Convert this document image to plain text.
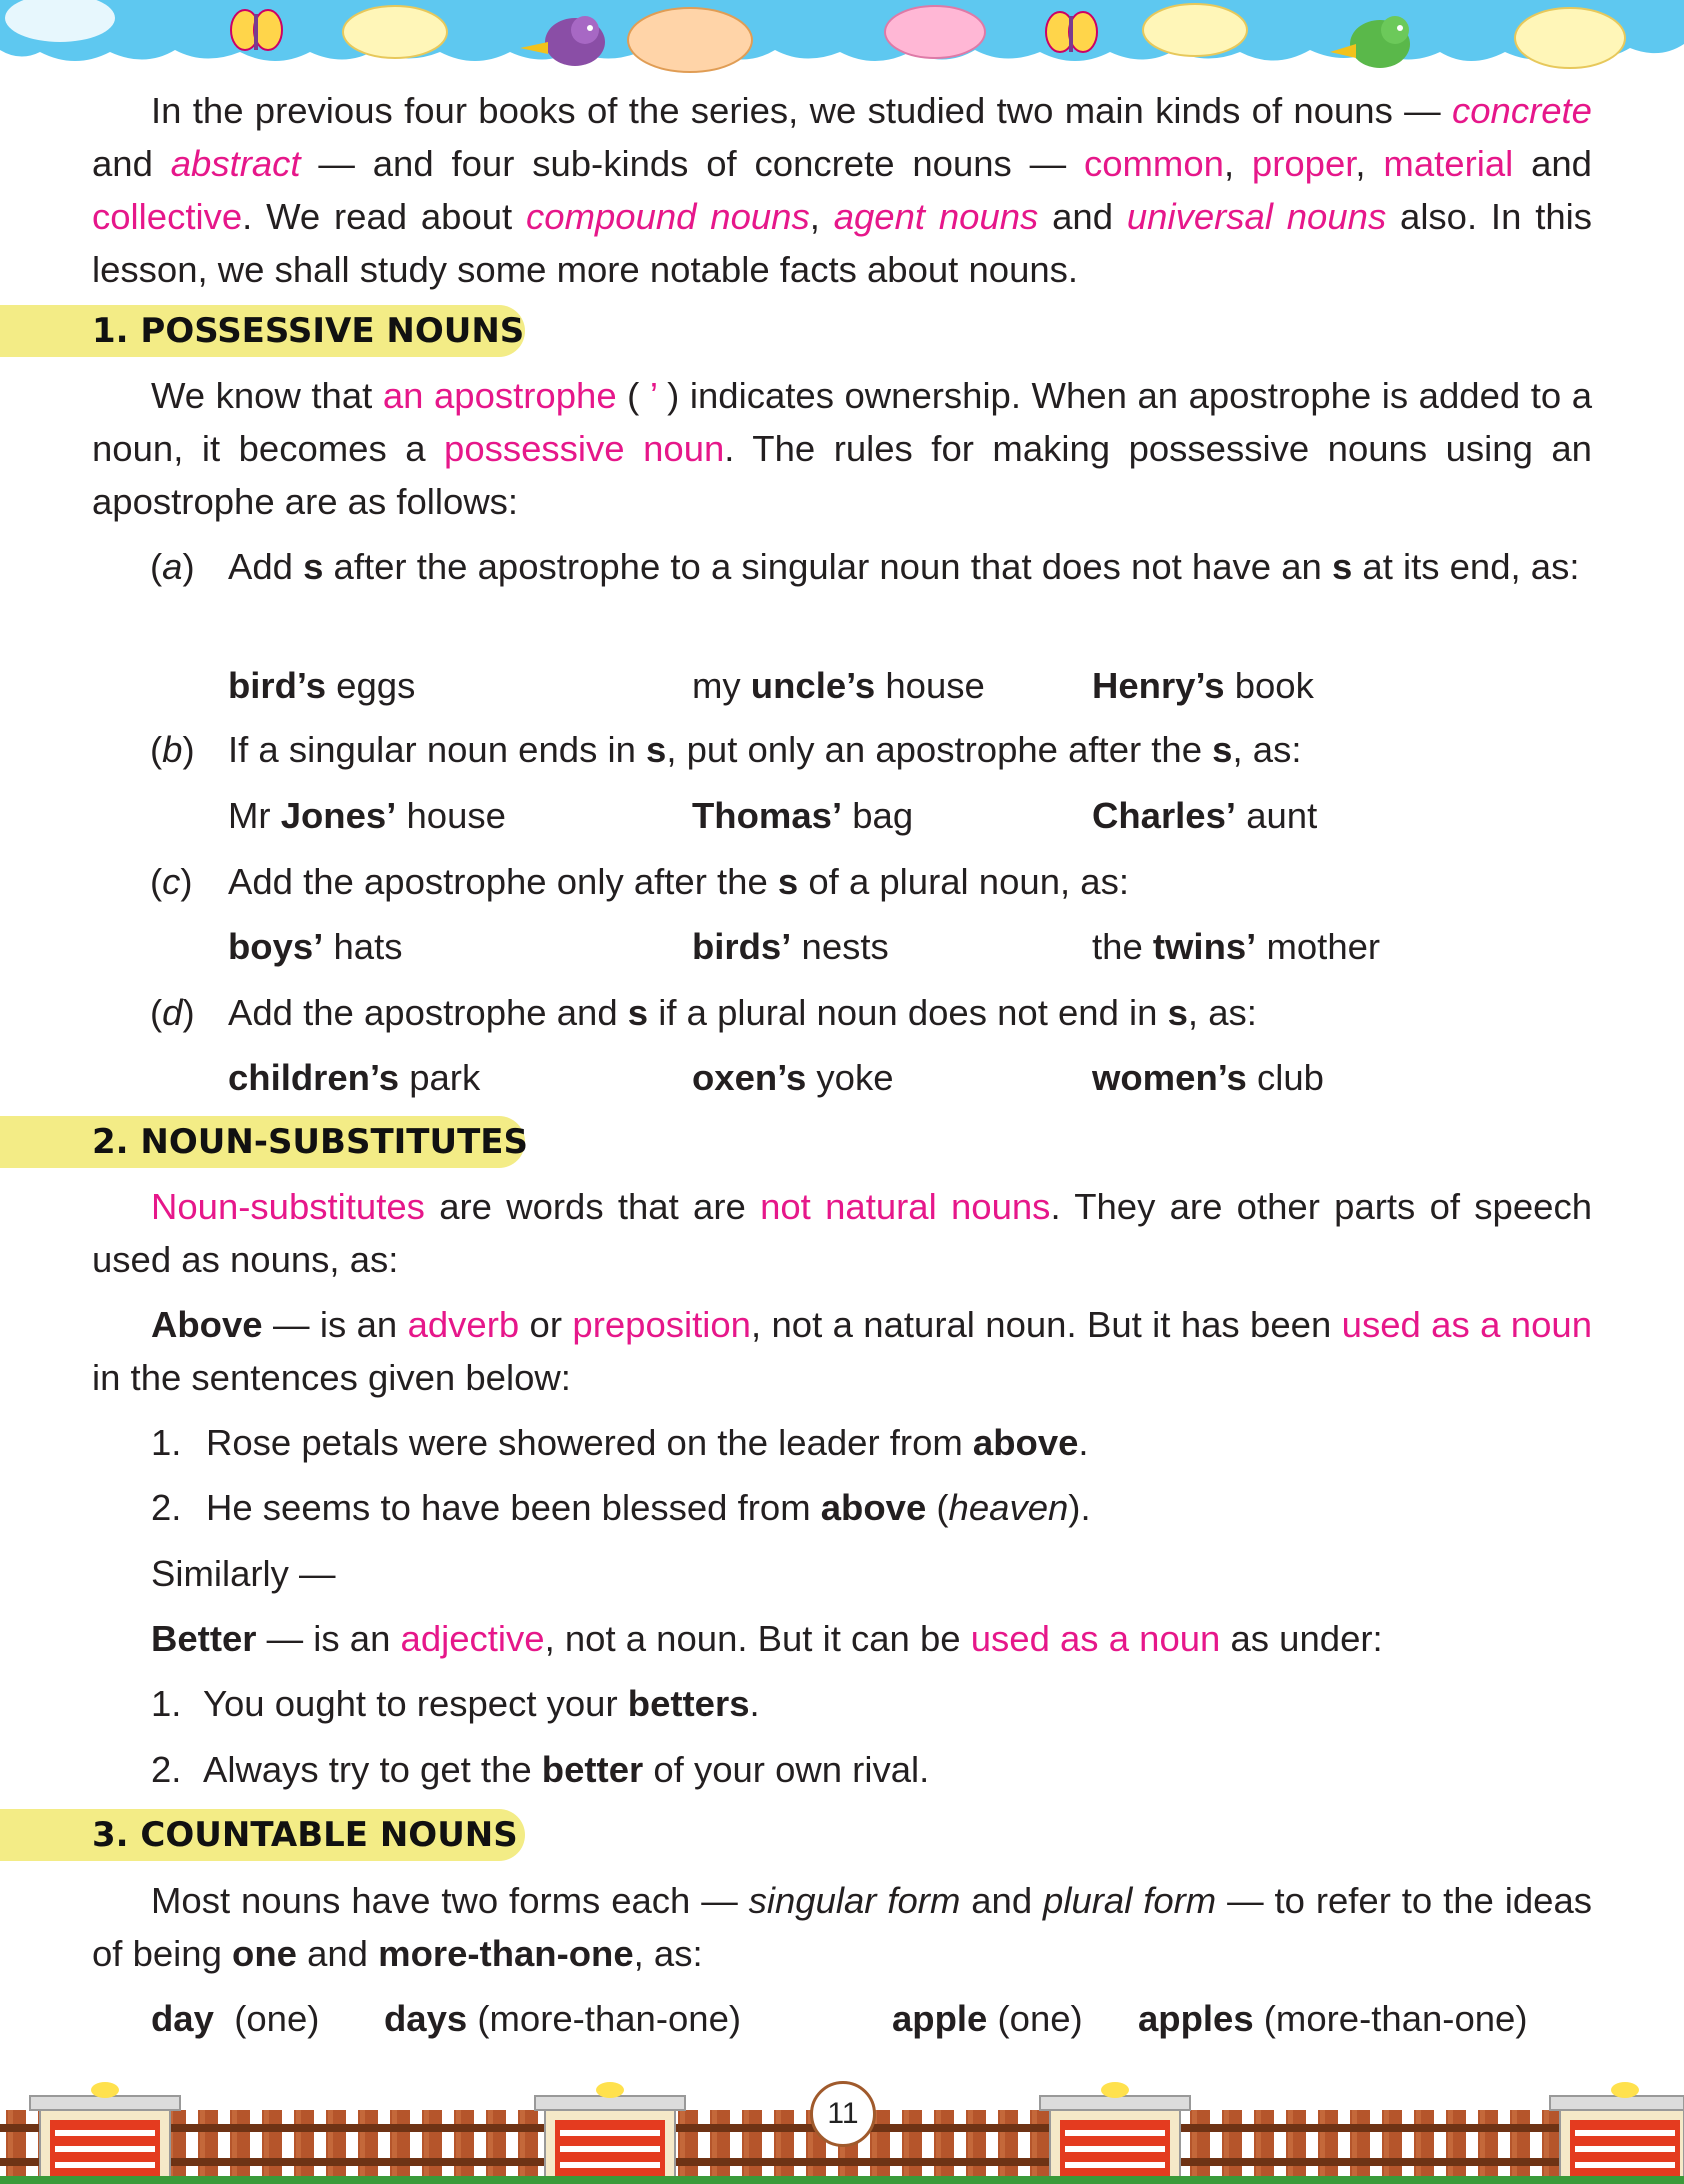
In the previous four books of the series, we studied two main kinds of nouns — concrete and abstract — and four sub-kinds of concrete nouns — common, proper, material and collective. We read about compound nouns, agent nouns and universal nouns also. In this lesson, we shall study some more notable facts about nouns.

1. POSSESSIVE NOUNS

We know that an apostrophe ( ’ ) indicates ownership. When an apostrophe is added to a noun, it becomes a possessive noun. The rules for making possessive nouns using an apostrophe are as follows:

(a) Add s after the apostrophe to a singular noun that does not have an s at its end, as:
bird’s eggs	my uncle’s house	Henry’s book
(b) If a singular noun ends in s, put only an apostrophe after the s, as:
Mr Jones’ house	Thomas’ bag	Charles’ aunt
(c) Add the apostrophe only after the s of a plural noun, as:
boys’ hats	birds’ nests	the twins’ mother
(d) Add the apostrophe and s if a plural noun does not end in s, as:
children’s park	oxen’s yoke	women’s club
2. NOUN-SUBSTITUTES

Noun-substitutes are words that are not natural nouns. They are other parts of speech used as nouns, as:

Above — is an adverb or preposition, not a natural noun. But it has been used as a noun in the sentences given below:

1. Rose petals were showered on the leader from above.
2. He seems to have been blessed from above (heaven).
Similarly —
Better — is an adjective, not a noun. But it can be used as a noun as under:
1. You ought to respect your betters.
2. Always try to get the better of your own rival.
3. COUNTABLE NOUNS

Most nouns have two forms each — singular form and plural form — to refer to the ideas of being one and more-than-one, as:

day  (one) days (more-than-one)	apple (one) apples (more-than-one)
11
